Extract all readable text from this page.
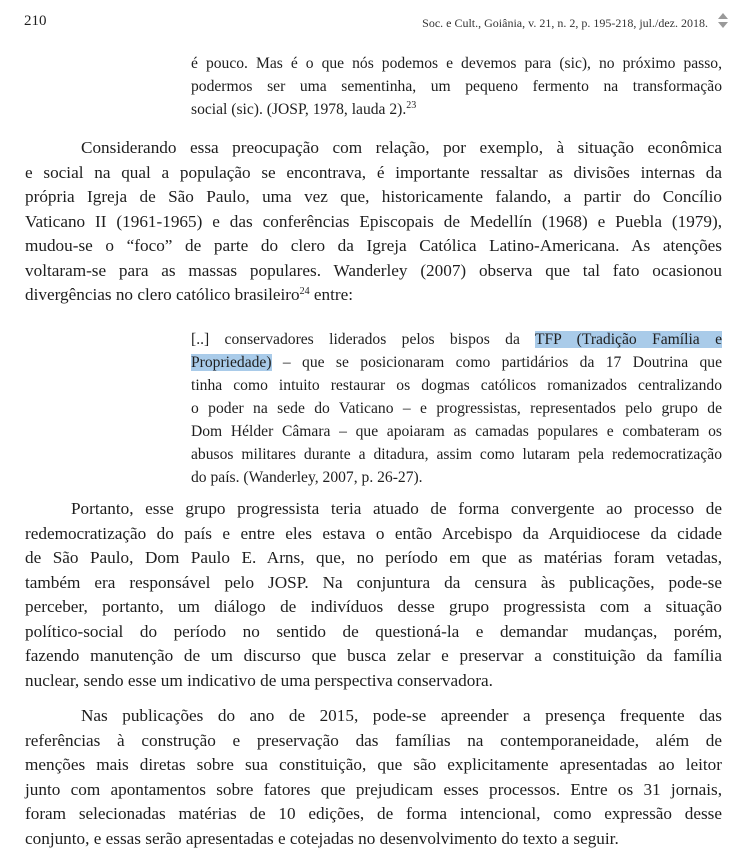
210	Soc. e Cult., Goiânia, v. 21, n. 2, p. 195-218, jul./dez. 2018.
é pouco. Mas é o que nós podemos e devemos para (sic), no próximo passo,
podermos ser uma sementinha, um pequeno fermento na transformação
social (sic). (JOSP, 1978, lauda 2).$^{23}$
Considerando essa preocupação com relação, por exemplo, à situação econômica
e social na qual a população se encontrava, é importante ressaltar as divisões internas da
própria Igreja de São Paulo, uma vez que, historicamente falando, a partir do Concílio
Vaticano II (1961-1965) e das conferências Episcopais de Medellín (1968) e Puebla (1979),
mudou-se o “foco” de parte do clero da Igreja Católica Latino-Americana. As atenções
voltaram-se para as massas populares. Wanderley (2007) observa que tal fato ocasionou
divergências no clero católico brasileiro$^{24}$ entre:
[..] conservadores liderados pelos bispos da TFP (Tradição Família e
Propriedade) – que se posicionaram como partidários da 17 Doutrina que
tinha como intuito restaurar os dogmas católicos romanizados centralizando
o poder na sede do Vaticano – e progressistas, representados pelo grupo de
Dom Hélder Câmara – que apoiaram as camadas populares e combateram os
abusos militares durante a ditadura, assim como lutaram pela redemocratização
do país. (Wanderley, 2007, p. 26-27).
Portanto, esse grupo progressista teria atuado de forma convergente ao processo de
redemocratização do país e entre eles estava o então Arcebispo da Arquidiocese da cidade
de São Paulo, Dom Paulo E. Arns, que, no período em que as matérias foram vetadas,
também era responsável pelo JOSP. Na conjuntura da censura às publicações, pode-se
perceber, portanto, um diálogo de indivíduos desse grupo progressista com a situação
político-social do período no sentido de questioná-la e demandar mudanças, porém,
fazendo manutenção de um discurso que busca zelar e preservar a constituição da família
nuclear, sendo esse um indicativo de uma perspectiva conservadora.
Nas publicações do ano de 2015, pode-se apreender a presença frequente das
referências à construção e preservação das famílias na contemporaneidade, além de
menções mais diretas sobre sua constituição, que são explicitamente apresentadas ao leitor
junto com apontamentos sobre fatores que prejudicam esses processos. Entre os 31 jornais,
foram selecionadas matérias de 10 edições, de forma intencional, como expressão desse
conjunto, e essas serão apresentadas e cotejadas no desenvolvimento do texto a seguir.
